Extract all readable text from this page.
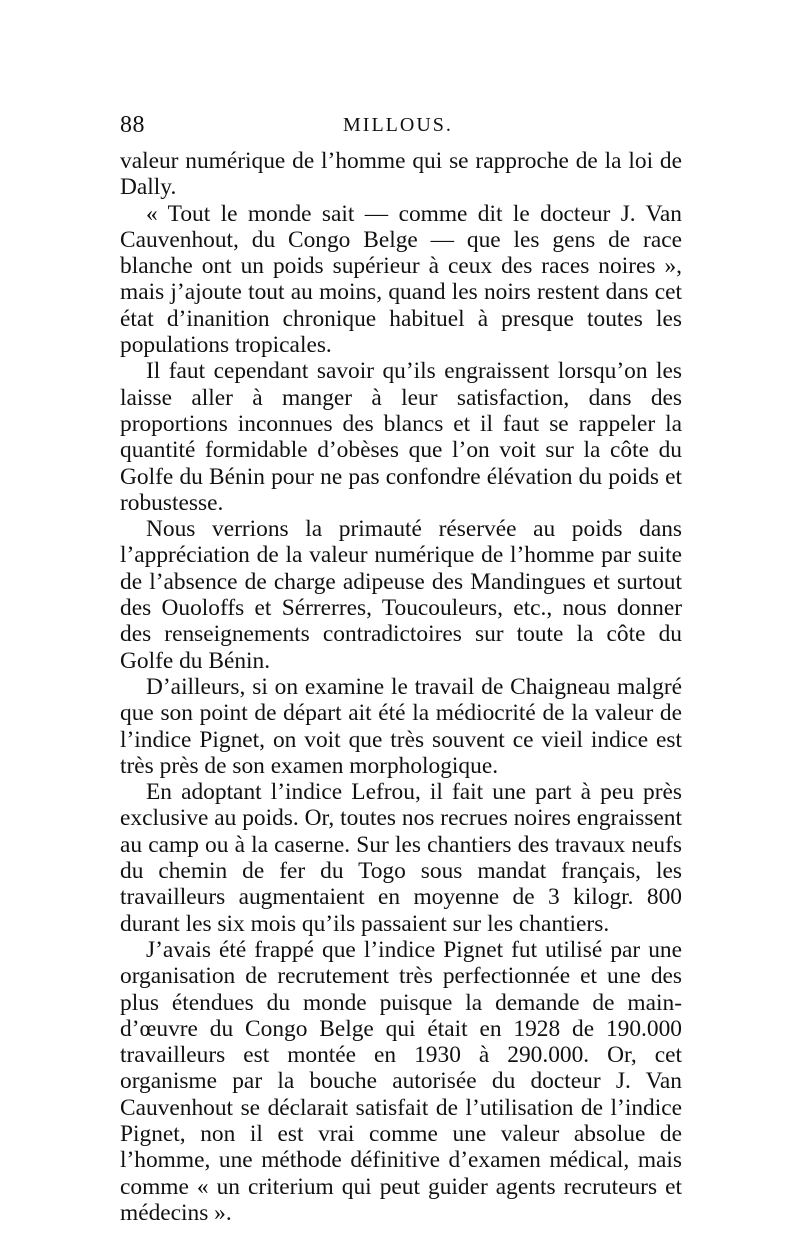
88	MILLOUS.

valeur numérique de l’homme qui se rapproche de la loi de Dally.

« Tout le monde sait — comme dit le docteur J. Van Cauvenhout, du Congo Belge — que les gens de race blanche ont un poids supérieur à ceux des races noires », mais j’ajoute tout au moins, quand les noirs restent dans cet état d’inanition chronique habituel à presque toutes les populations tropicales.

Il faut cependant savoir qu’ils engraissent lorsqu’on les laisse aller à manger à leur satisfaction, dans des proportions inconnues des blancs et il faut se rappeler la quantité formidable d’obèses que l’on voit sur la côte du Golfe du Bénin pour ne pas confondre élévation du poids et robustesse.

Nous verrions la primauté réservée au poids dans l’appréciation de la valeur numérique de l’homme par suite de l’absence de charge adipeuse des Mandingues et surtout des Ouoloffs et Sérrerres, Toucouleurs, etc., nous donner des renseignements contradictoires sur toute la côte du Golfe du Bénin.

D’ailleurs, si on examine le travail de Chaigneau malgré que son point de départ ait été la médiocrité de la valeur de l’indice Pignet, on voit que très souvent ce vieil indice est très près de son examen morphologique.

En adoptant l’indice Lefrou, il fait une part à peu près exclusive au poids. Or, toutes nos recrues noires engraissent au camp ou à la caserne. Sur les chantiers des travaux neufs du chemin de fer du Togo sous mandat français, les travailleurs augmentaient en moyenne de 3 kilogr. 800 durant les six mois qu’ils passaient sur les chantiers.

J’avais été frappé que l’indice Pignet fut utilisé par une organisation de recrutement très perfectionnée et une des plus étendues du monde puisque la demande de main-d’œuvre du Congo Belge qui était en 1928 de 190.000 travailleurs est montée en 1930 à 290.000. Or, cet organisme par la bouche autorisée du docteur J. Van Cauvenhout se déclarait satisfait de l’utilisation de l’indice Pignet, non il est vrai comme une valeur absolue de l’homme, une méthode définitive d’examen médical, mais comme « un criterium qui peut guider agents recruteurs et médecins ».
